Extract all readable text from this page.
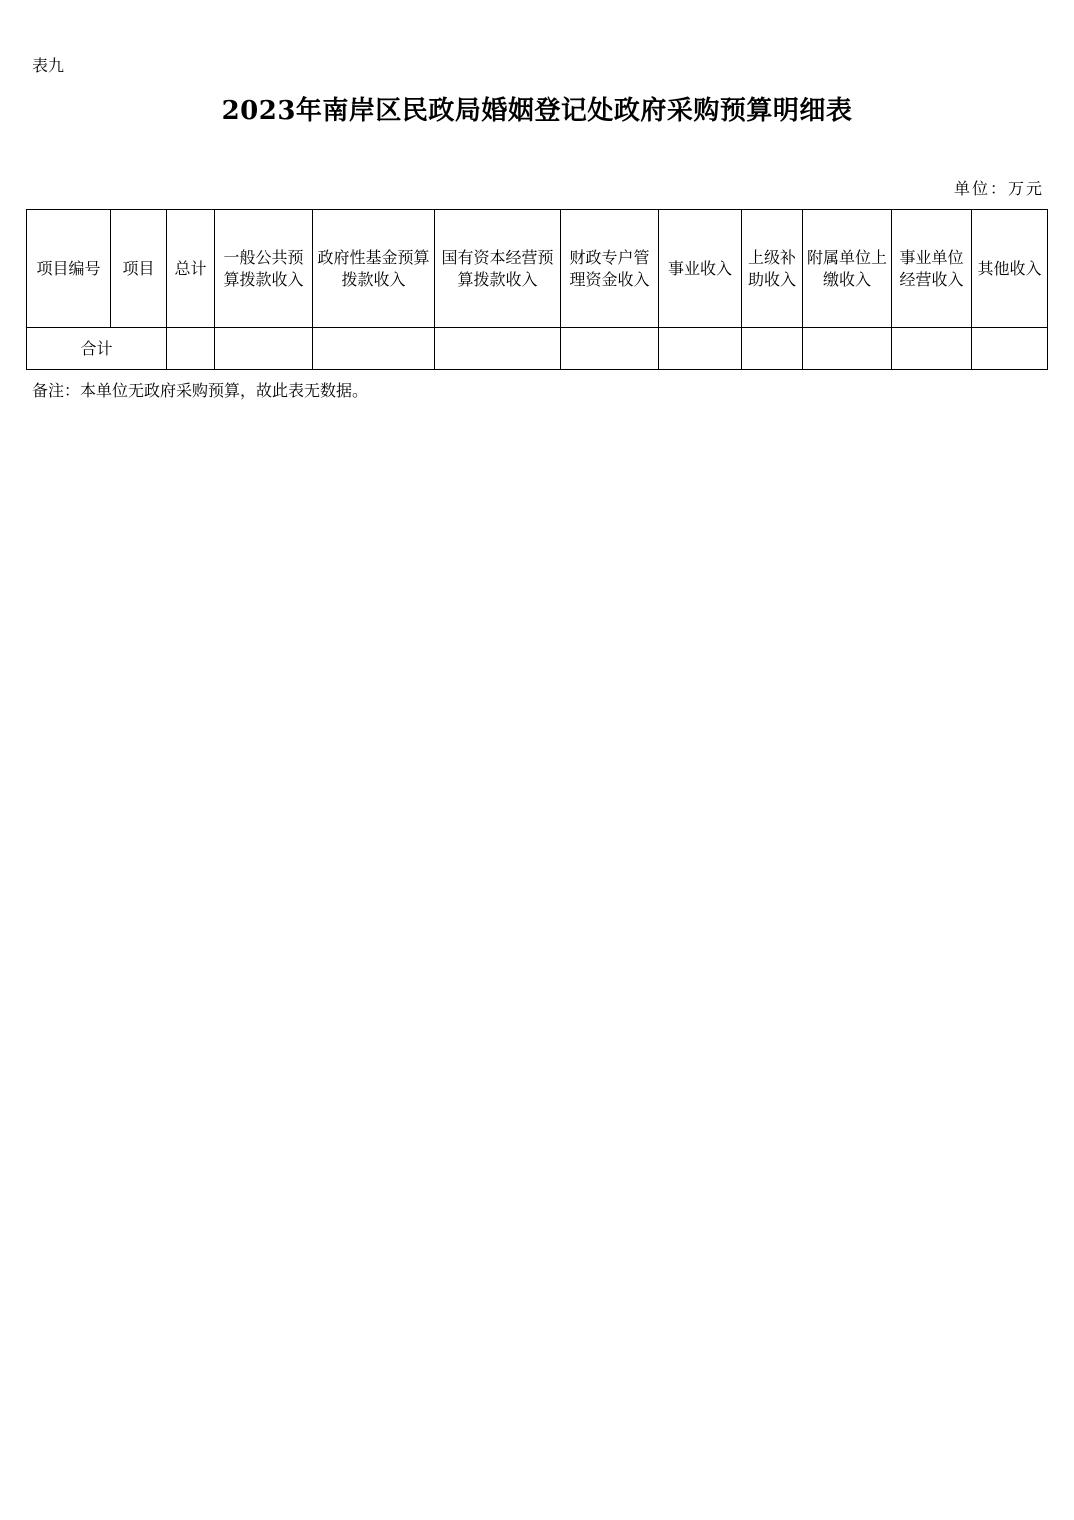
表九
2023年南岸区民政局婚姻登记处政府采购预算明细表
单位：万元
项目编号	项目	总计	一般公共预算拨款收入	政府性基金预算拨款收入	国有资本经营预算拨款收入	财政专户管理资金收入	事业收入	上级补助收入	附属单位上缴收入	事业单位经营收入	其他收入
合计											
备注：本单位无政府采购预算，故此表无数据。
